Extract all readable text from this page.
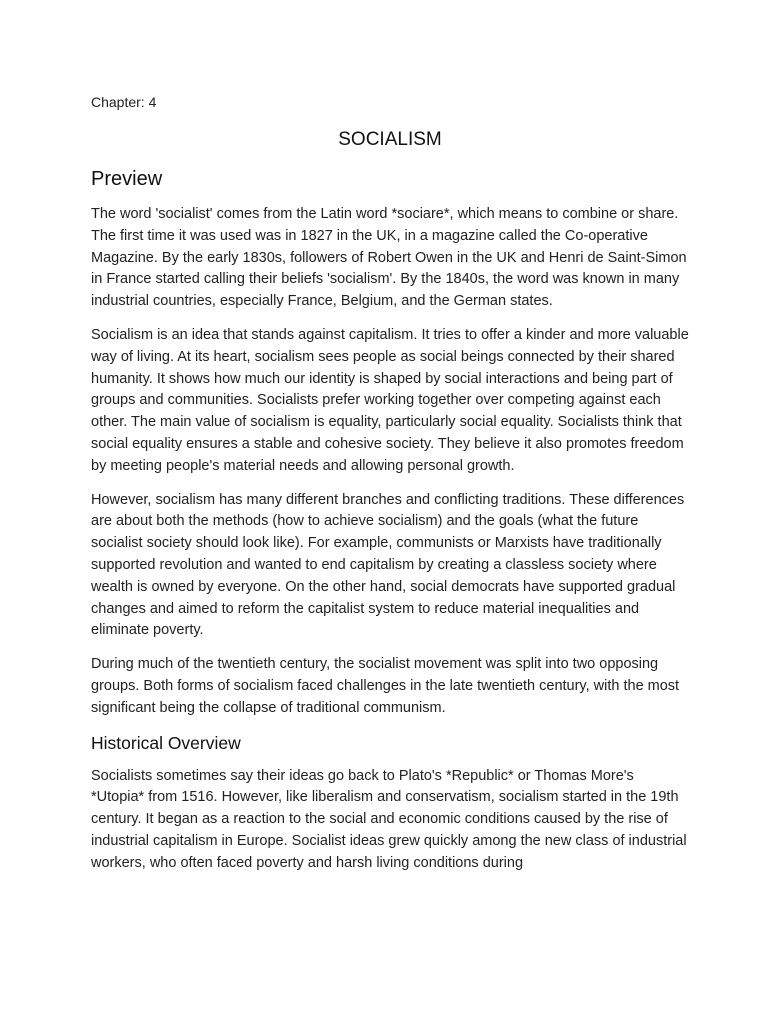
Chapter: 4
SOCIALISM
Preview

The word 'socialist' comes from the Latin word *sociare*, which means to combine or share. The first time it was used was in 1827 in the UK, in a magazine called the Co-operative Magazine. By the early 1830s, followers of Robert Owen in the UK and Henri de Saint-Simon in France started calling their beliefs 'socialism'. By the 1840s, the word was known in many industrial countries, especially France, Belgium, and the German states.

Socialism is an idea that stands against capitalism. It tries to offer a kinder and more valuable way of living. At its heart, socialism sees people as social beings connected by their shared humanity. It shows how much our identity is shaped by social interactions and being part of groups and communities. Socialists prefer working together over competing against each other. The main value of socialism is equality, particularly social equality. Socialists think that social equality ensures a stable and cohesive society. They believe it also promotes freedom by meeting people's material needs and allowing personal growth.

However, socialism has many different branches and conflicting traditions. These differences are about both the methods (how to achieve socialism) and the goals (what the future socialist society should look like). For example, communists or Marxists have traditionally supported revolution and wanted to end capitalism by creating a classless society where wealth is owned by everyone. On the other hand, social democrats have supported gradual changes and aimed to reform the capitalist system to reduce material inequalities and eliminate poverty.

During much of the twentieth century, the socialist movement was split into two opposing groups. Both forms of socialism faced challenges in the late twentieth century, with the most significant being the collapse of traditional communism.

Historical Overview

Socialists sometimes say their ideas go back to Plato's *Republic* or Thomas More's *Utopia* from 1516. However, like liberalism and conservatism, socialism started in the 19th century. It began as a reaction to the social and economic conditions caused by the rise of industrial capitalism in Europe. Socialist ideas grew quickly among the new class of industrial workers, who often faced poverty and harsh living conditions during
